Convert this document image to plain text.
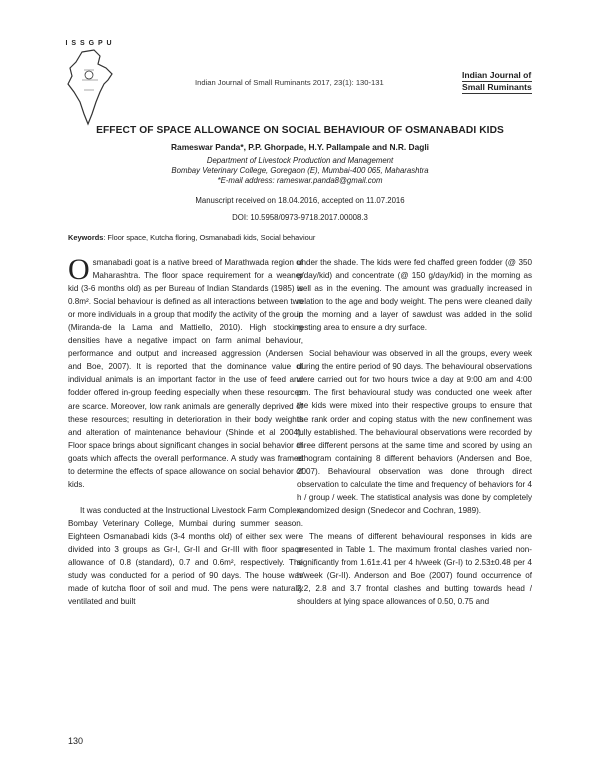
I S S G P U
Indian Journal of Small Ruminants 2017, 23(1): 130-131
Indian Journal of
Small Ruminants
EFFECT OF SPACE ALLOWANCE ON SOCIAL BEHAVIOUR OF OSMANABADI KIDS
Rameswar Panda*, P.P. Ghorpade, H.Y. Pallampale and N.R. Dagli
Department of Livestock Production and Management
Bombay Veterinary College, Goregaon (E), Mumbai-400 065, Maharashtra
*E-mail address: rameswar.panda8@gmail.com
Manuscript received on 18.04.2016, accepted on 11.07.2016
DOI: 10.5958/0973-9718.2017.00008.3
Keywords: Floor space, Kutcha floring, Osmanabadi kids, Social behaviour

Osmanabadi goat is a native breed of Marathwada region of Maharashtra. The floor space requirement for a weaner kid (3-6 months old) as per Bureau of Indian Standards (1985) is 0.8m². Social behaviour is defined as all interactions between two or more individuals in a group that modify the activity of the group (Miranda-de la Lama and Mattiello, 2010). High stocking densities have a negative impact on farm animal behaviour, performance and output and increased aggression (Andersen and Boe, 2007). It is reported that the dominance value of individual animals is an important factor in the use of feed and fodder offered in-group feeding especially when these resources are scarce. Moreover, low rank animals are generally deprived of these resources; resulting in deterioration in their body weights and alteration of maintenance behaviour (Shinde et al 2004). Floor space brings about significant changes in social behavior of goats which affects the overall performance. A study was framed to determine the effects of space allowance on social behavior of kids.

It was conducted at the Instructional Livestock Farm Complex, Bombay Veterinary College, Mumbai during summer season. Eighteen Osmanabadi kids (3-4 months old) of either sex were divided into 3 groups as Gr-I, Gr-II and Gr-III with floor space allowance of 0.8 (standard), 0.7 and 0.6m², respectively. The study was conducted for a period of 90 days. The house was made of kutcha floor of soil and mud. The pens were naturally ventilated and built

under the shade. The kids were fed chaffed green fodder (@ 350 g/day/kid) and concentrate (@ 150 g/day/kid) in the morning as well as in the evening. The amount was gradually increased in relation to the age and body weight. The pens were cleaned daily in the morning and a layer of sawdust was added in the solid resting area to ensure a dry surface.

Social behaviour was observed in all the groups, every week during the entire period of 90 days. The behavioural observations were carried out for two hours twice a day at 9:00 am and 4:00 pm. The first behavioural study was conducted one week after the kids were mixed into their respective groups to ensure that the rank order and coping status with the new confinement was fully established. The behavioural observations were recorded by three different persons at the same time and scored by using an ethogram containing 8 different behaviors (Andersen and Boe, 2007). Behavioural observation was done through direct observation to calculate the time and frequency of behaviors for 4 h / group / week. The statistical analysis was done by completely randomized design (Snedecor and Cochran, 1989).

The means of different behavioural responses in kids are presented in Table 1. The maximum frontal clashes varied non-significantly from 1.61±.41 per 4 h/week (Gr-I) to 2.53±0.48 per 4 h/week (Gr-II). Anderson and Boe (2007) found occurrence of 2.2, 2.8 and 3.7 frontal clashes and butting towards head / shoulders at lying space allowances of 0.50, 0.75 and

130
